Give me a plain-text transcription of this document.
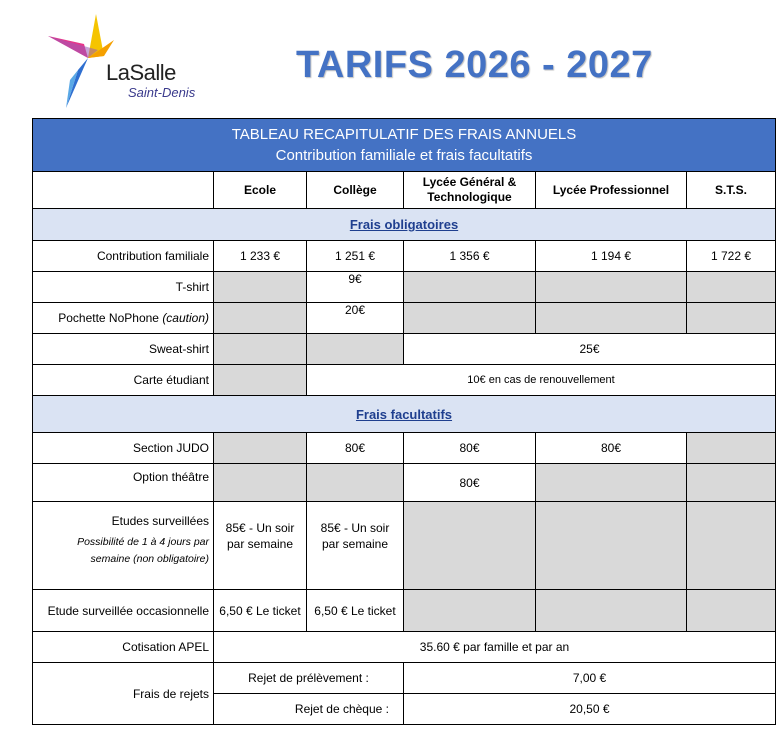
LaSalle
Saint-Denis
TARIFS 2026 - 2027
TABLEAU RECAPITULATIF DES FRAIS ANNUELS
Contribution familiale et frais facultatifs					

	Ecole	Collège	Lycée Général & Technologique	Lycée Professionnel	S.T.S.
Frais obligatoires					
Contribution familiale	1 233 €	1 251 €	1 356 €	1 194 €	1 722 €
T-shirt		9€			
Pochette NoPhone (caution)		20€			
Sweat-shirt			25€		
Carte étudiant		10€ en cas de renouvellement			
Frais facultatifs					
Section JUDO		80€	80€	80€	
Option théâtre			80€		
Etudes surveillées
Possibilité de 1 à 4 jours par semaine (non obligatoire)	85€ - Un soir par semaine	85€ - Un soir par semaine			
Etude surveillée occasionnelle	6,50 € Le ticket	6,50 € Le ticket			
Cotisation APEL	35.60 € par famille et par an				
Frais de rejets	Rejet de prélèvement :		7,00 €		
	Rejet de chèque :		20,50 €		
